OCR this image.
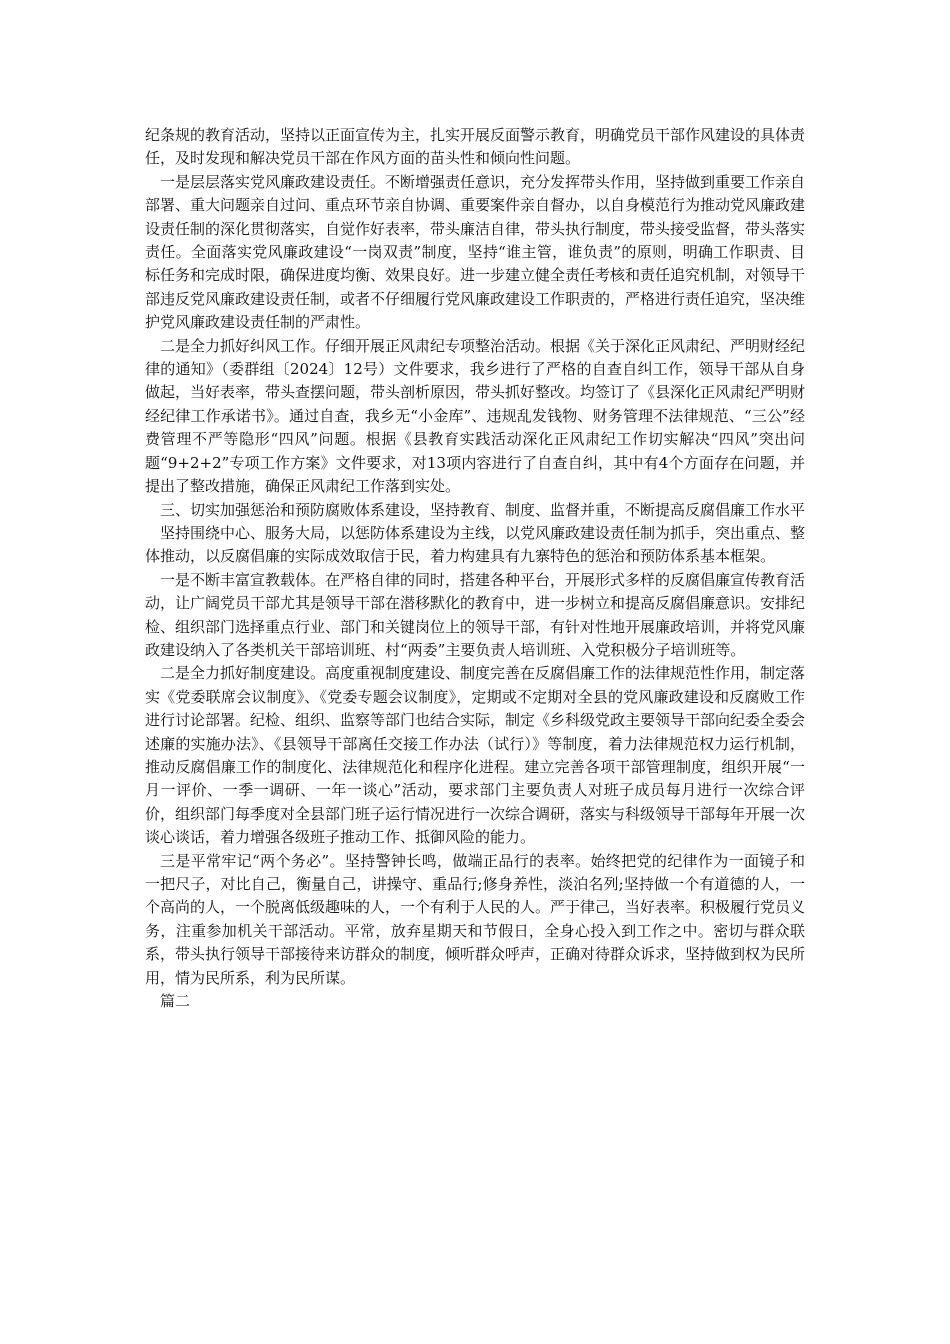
纪条规的教育活动，坚持以正面宣传为主，扎实开展反面警示教育，明确党员干部作风建设的具体责任，及时发现和解决党员干部在作风方面的苗头性和倾向性问题。

一是层层落实党风廉政建设责任。不断增强责任意识，充分发挥带头作用，坚持做到重要工作亲自部署、重大问题亲自过问、重点环节亲自协调、重要案件亲自督办，以自身模范行为推动党风廉政建设责任制的深化贯彻落实，自觉作好表率，带头廉洁自律，带头执行制度，带头接受监督，带头落实责任。全面落实党风廉政建设“一岗双责”制度，坚持“谁主管，谁负责”的原则，明确工作职责、目标任务和完成时限，确保进度均衡、效果良好。进一步建立健全责任考核和责任追究机制，对领导干部违反党风廉政建设责任制，或者不仔细履行党风廉政建设工作职责的，严格进行责任追究，坚决维护党风廉政建设责任制的严肃性。

二是全力抓好纠风工作。仔细开展正风肃纪专项整治活动。根据《关于深化正风肃纪、严明财经纪律的通知》（委群组〔2024〕12号）文件要求，我乡进行了严格的自查自纠工作，领导干部从自身做起，当好表率，带头查摆问题，带头剖析原因，带头抓好整改。均签订了《县深化正风肃纪严明财经纪律工作承诺书》。通过自查，我乡无“小金库”、违规乱发钱物、财务管理不法律规范、“三公”经费管理不严等隐形“四风”问题。根据《县教育实践活动深化正风肃纪工作切实解决“四风”突出问题“9+2+2”专项工作方案》文件要求，对13项内容进行了自查自纠，其中有4个方面存在问题，并提出了整改措施，确保正风肃纪工作落到实处。

三、切实加强惩治和预防腐败体系建设，坚持教育、制度、监督并重，不断提高反腐倡廉工作水平

坚持围绕中心、服务大局，以惩防体系建设为主线，以党风廉政建设责任制为抓手，突出重点、整体推动，以反腐倡廉的实际成效取信于民，着力构建具有九寨特色的惩治和预防体系基本框架。

一是不断丰富宣教载体。在严格自律的同时，搭建各种平台，开展形式多样的反腐倡廉宣传教育活动，让广阔党员干部尤其是领导干部在潜移默化的教育中，进一步树立和提高反腐倡廉意识。安排纪检、组织部门选择重点行业、部门和关键岗位上的领导干部，有针对性地开展廉政培训，并将党风廉政建设纳入了各类机关干部培训班、村“两委”主要负责人培训班、入党积极分子培训班等。

二是全力抓好制度建设。高度重视制度建设、制度完善在反腐倡廉工作的法律规范性作用，制定落实《党委联席会议制度》、《党委专题会议制度》，定期或不定期对全县的党风廉政建设和反腐败工作进行讨论部署。纪检、组织、监察等部门也结合实际，制定《乡科级党政主要领导干部向纪委全委会述廉的实施办法》、《县领导干部离任交接工作办法（试行）》等制度，着力法律规范权力运行机制，推动反腐倡廉工作的制度化、法律规范化和程序化进程。建立完善各项干部管理制度，组织开展“一月一评价、一季一调研、一年一谈心”活动，要求部门主要负责人对班子成员每月进行一次综合评价，组织部门每季度对全县部门班子运行情况进行一次综合调研，落实与科级领导干部每年开展一次谈心谈话，着力增强各级班子推动工作、抵御风险的能力。

三是平常牢记“两个务必”。坚持警钟长鸣，做端正品行的表率。始终把党的纪律作为一面镜子和一把尺子，对比自己，衡量自己，讲操守、重品行;修身养性，淡泊名列;坚持做一个有道德的人，一个高尚的人，一个脱离低级趣味的人，一个有利于人民的人。严于律己，当好表率。积极履行党员义务，注重参加机关干部活动。平常，放弃星期天和节假日，全身心投入到工作之中。密切与群众联系，带头执行领导干部接待来访群众的制度，倾听群众呼声，正确对待群众诉求，坚持做到权为民所用，情为民所系，利为民所谋。

篇二
